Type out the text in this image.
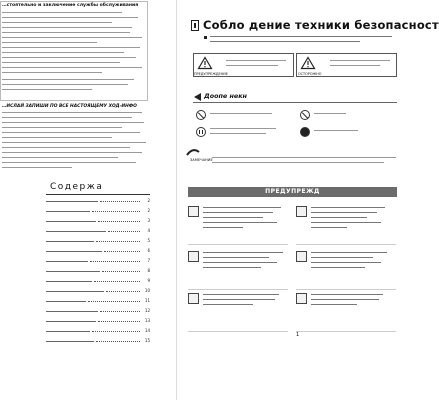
…стоятельно и заключение службы обслуживания
…ИСЛАЙ ЗАПИШИ ПО ВСЕ НАСТОЯЩЕМУ ХОД-ИНФО
Содержа
2
2
3
4
5
6
7
8
9
10
11
12
13
14
15
Собло дение техники безопасност
ПРЕДУПРЕЖДЕНИЕ	ОСТОРОЖНО
Доопе некн
ЗАМЕЧАНИЕ
ПРЕДУПРЕЖД
1
